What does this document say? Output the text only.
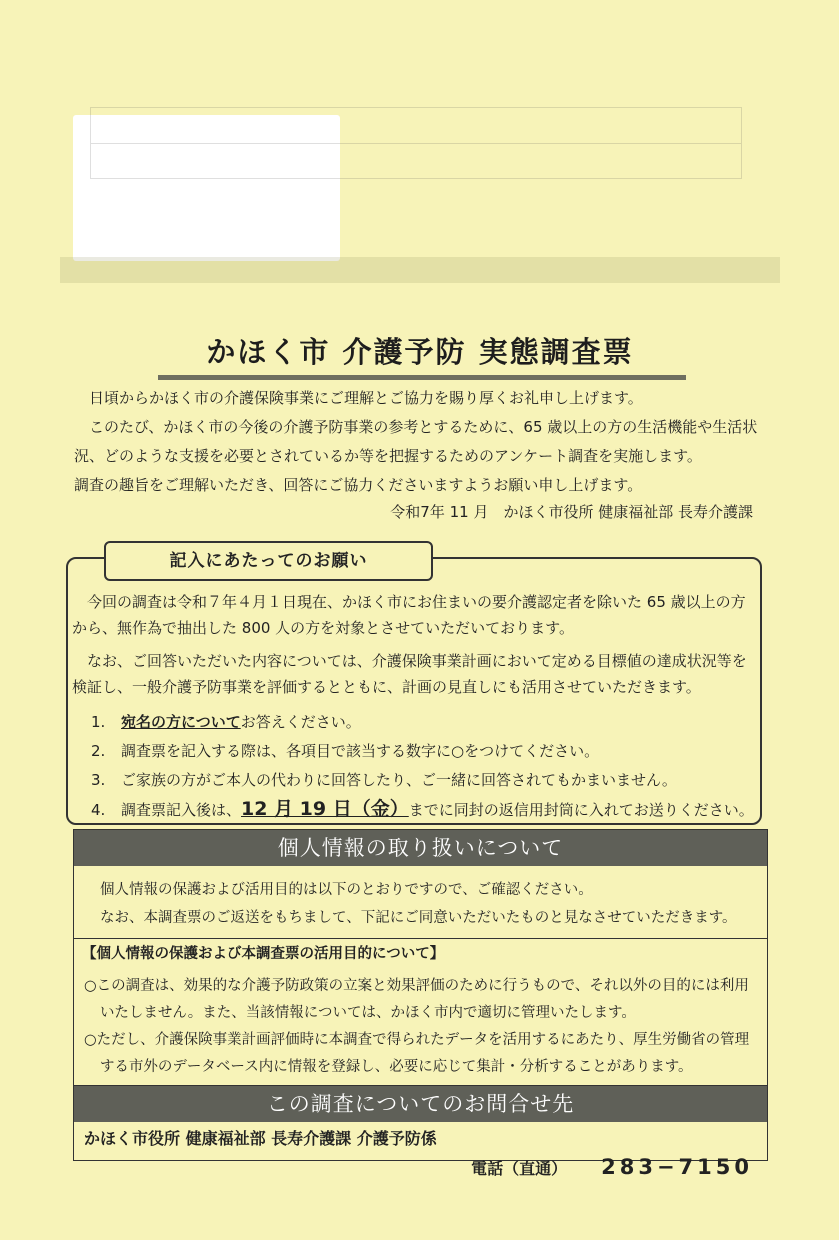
かほく市 介護予防 実態調査票

日頃からかほく市の介護保険事業にご理解とご協力を賜り厚くお礼申し上げます。

このたび、かほく市の今後の介護予防事業の参考とするために、65 歳以上の方の生活機能や生活状況、どのような支援を必要とされているか等を把握するためのアンケート調査を実施します。

調査の趣旨をご理解いただき、回答にご協力くださいますようお願い申し上げます。

令和7年 11 月　かほく市役所 健康福祉部 長寿介護課
記入にあたってのお願い

今回の調査は令和７年４月１日現在、かほく市にお住まいの要介護認定者を除いた 65 歳以上の方から、無作為で抽出した 800 人の方を対象とさせていただいております。

なお、ご回答いただいた内容については、介護保険事業計画において定める目標値の達成状況等を検証し、一般介護予防事業を評価するとともに、計画の見直しにも活用させていただきます。

1. 宛名の方についてお答えください。
2. 調査票を記入する際は、各項目で該当する数字に○をつけてください。
3. ご家族の方がご本人の代わりに回答したり、ご一緒に回答されてもかまいません。
4. 調査票記入後は、12 月 19 日（金）までに同封の返信用封筒に入れてお送りください。
個人情報の取り扱いについて

個人情報の保護および活用目的は以下のとおりですので、ご確認ください。

なお、本調査票のご返送をもちまして、下記にご同意いただいたものと見なさせていただきます。

【個人情報の保護および本調査票の活用目的について】

○この調査は、効果的な介護予防政策の立案と効果評価のために行うもので、それ以外の目的には利用いたしません。また、当該情報については、かほく市内で適切に管理いたします。

○ただし、介護保険事業計画評価時に本調査で得られたデータを活用するにあたり、厚生労働省の管理する市外のデータベース内に情報を登録し、必要に応じて集計・分析することがあります。

この調査についてのお問合せ先
かほく市役所 健康福祉部 長寿介護課 介護予防係
電話（直通） 283−7150
